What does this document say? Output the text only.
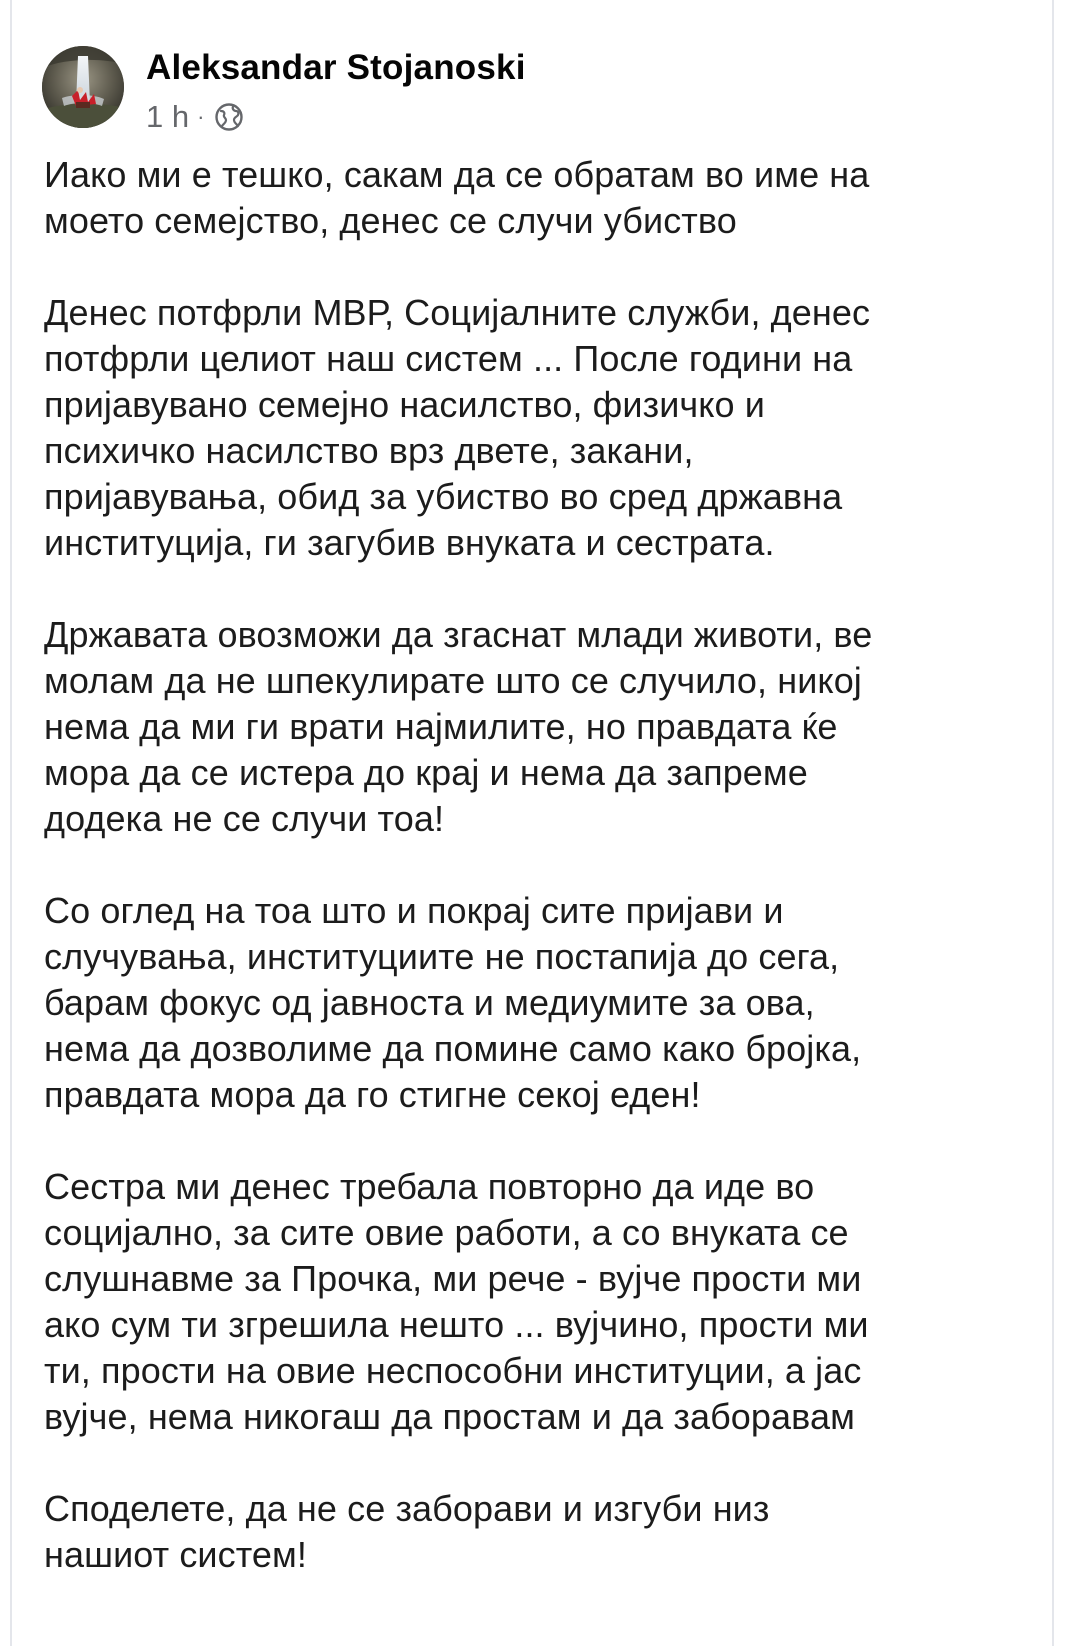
Aleksandar Stojanoski
1 h ·
Иако ми е тешко, сакам да се обратам во име на
моето семејство, денес се случи убиство
Денес потфрли МВР, Социјалните служби, денес
потфрли целиот наш систем ... После години на
пријавувано семејно насилство, физичко и
психичко насилство врз двете, закани,
пријавувања, обид за убиство во сред државна
институција, ги загубив внуката и сестрата.
Државата овозможи да згаснат млади животи, ве
молам да не шпекулирате што се случило, никој
нема да ми ги врати најмилите, но правдата ќе
мора да се истера до крај и нема да запреме
додека не се случи тоа!
Со оглед на тоа што и покрај сите пријави и
случувања, институциите не постапија до сега,
барам фокус од јавноста и медиумите за ова,
нема да дозволиме да помине само како бројка,
правдата мора да го стигне секој еден!
Сестра ми денес требала повторно да иде во
социјално, за сите овие работи, а со внуката се
слушнавме за Прочка, ми рече - вујче прости ми
ако сум ти згрешила нешто ... вујчино, прости ми
ти, прости на овие неспособни институции, а јас
вујче, нема никогаш да простам и да заборавам
Споделете, да не се заборави и изгуби низ
нашиот систем!
